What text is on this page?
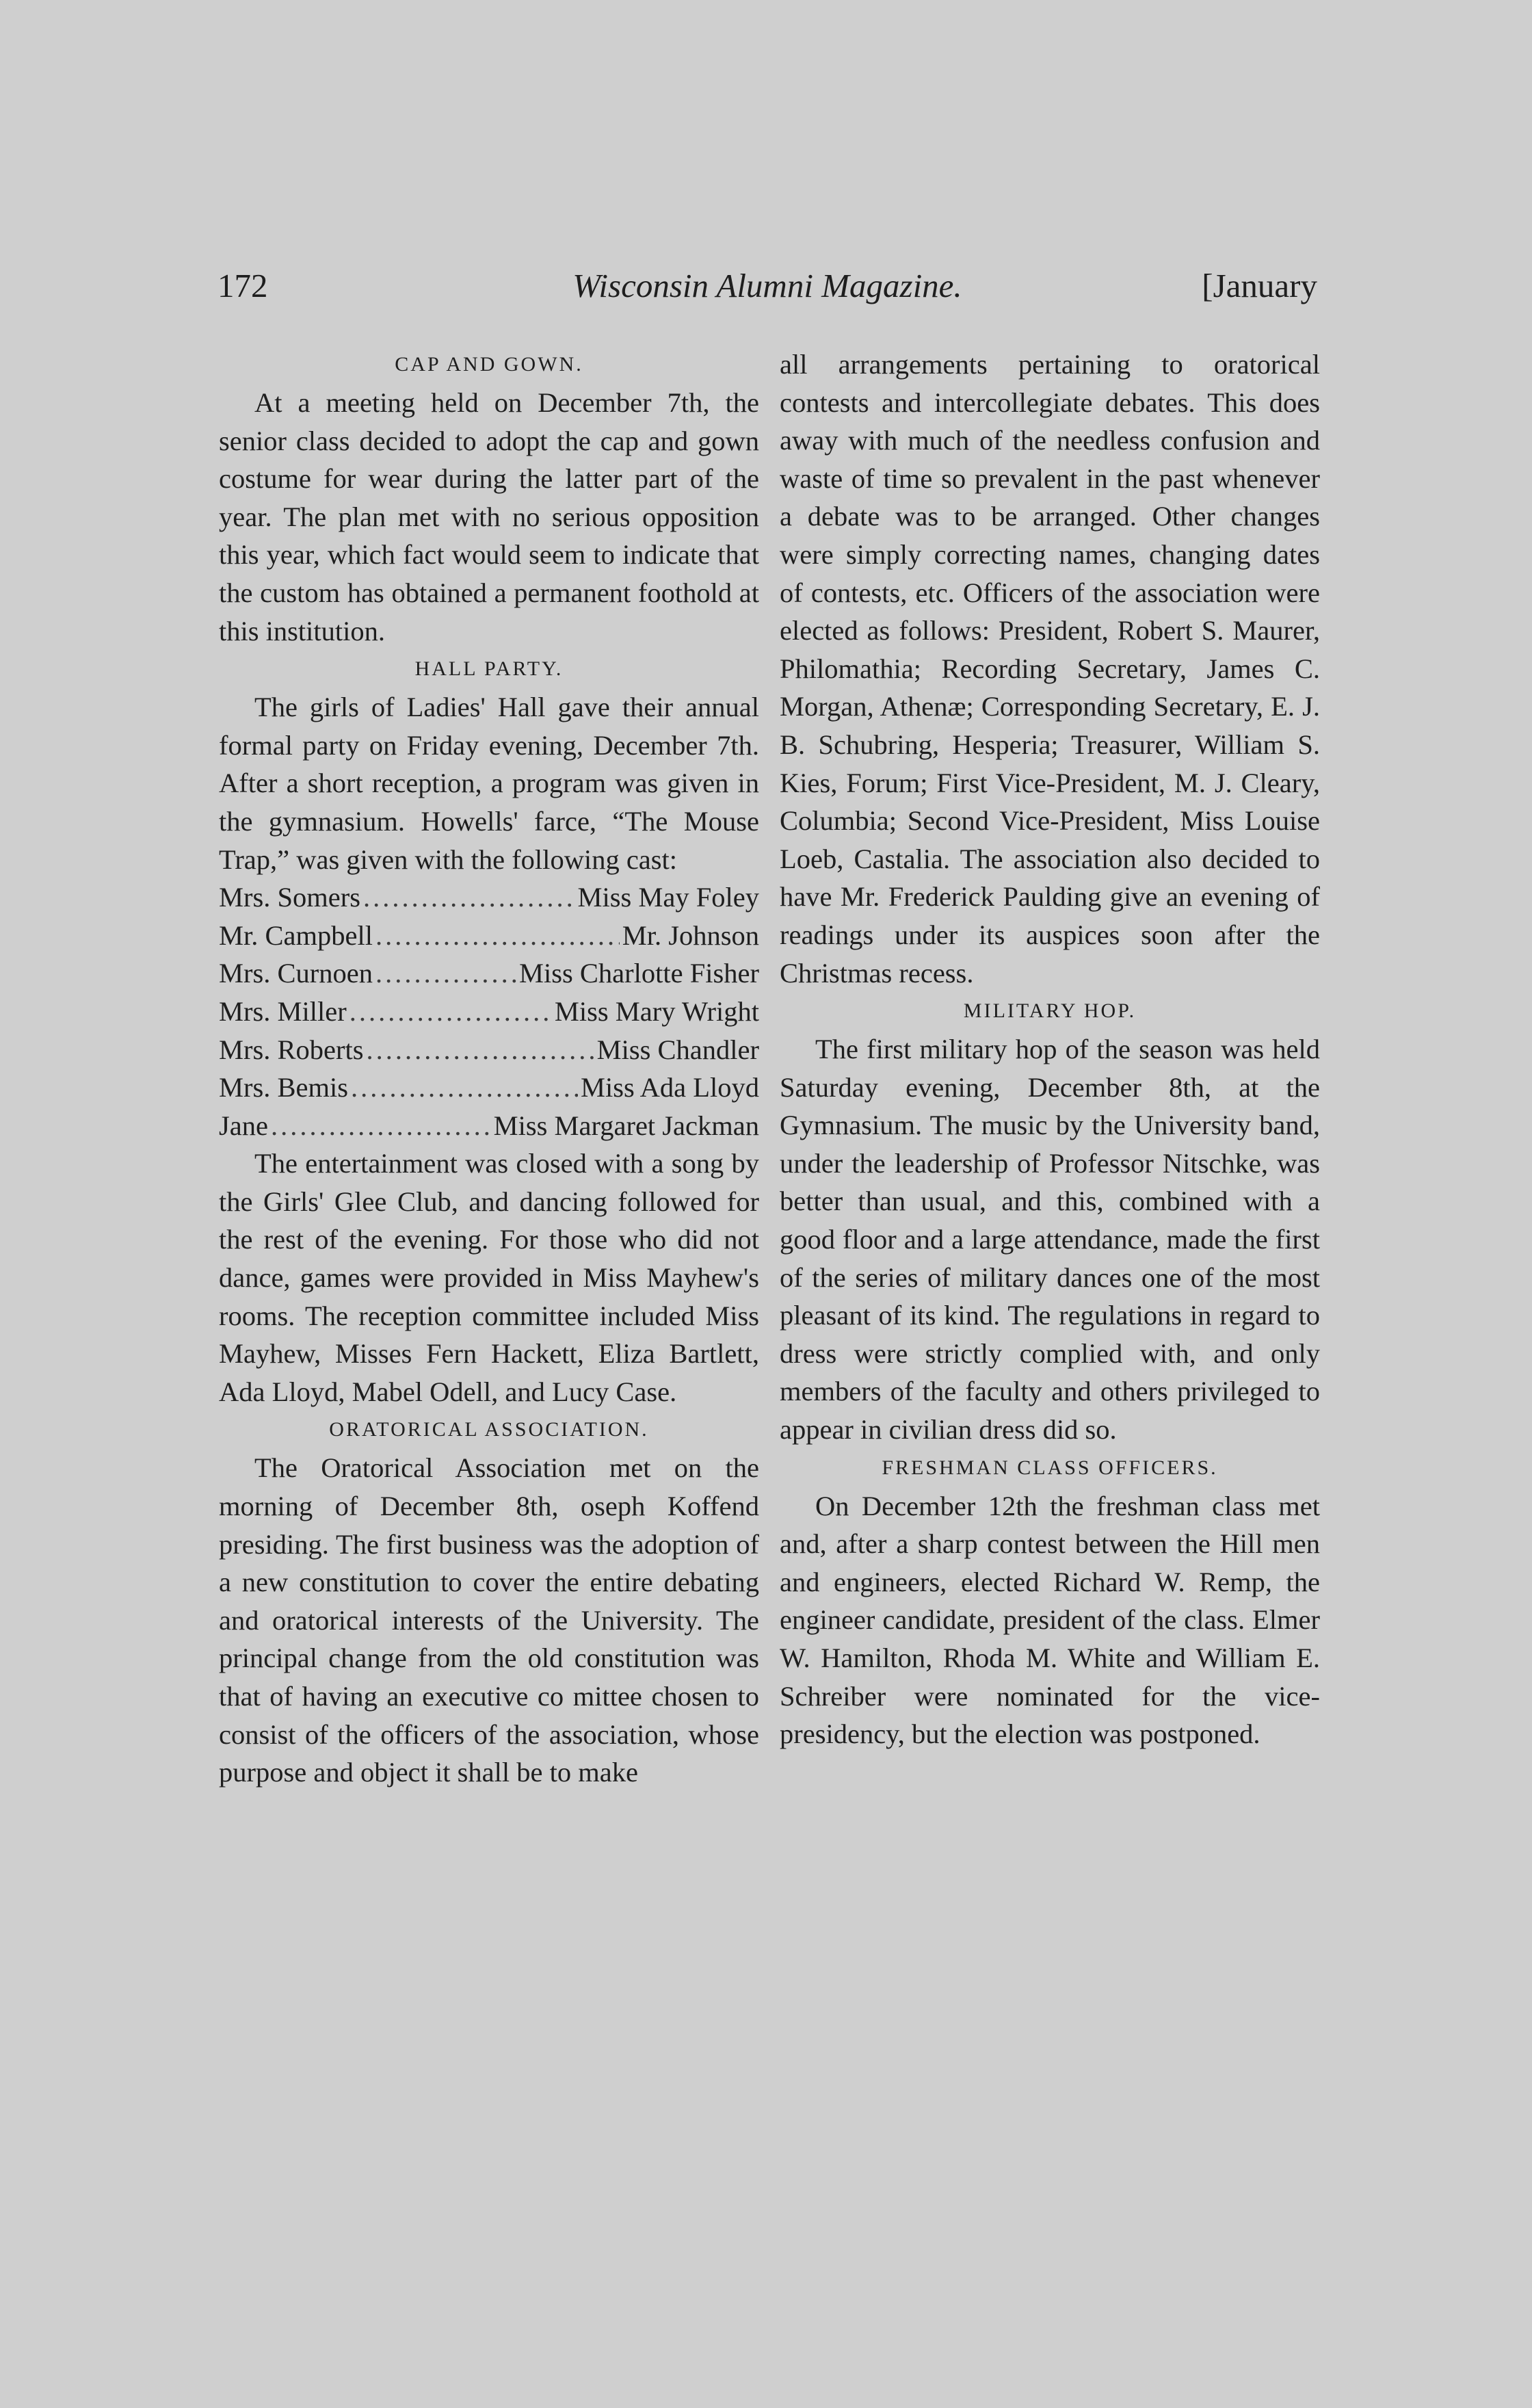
172	Wisconsin Alumni Magazine.	[January
CAP AND GOWN.
At a meeting held on December 7th, the senior class decided to adopt the cap and gown costume for wear during the latter part of the year. The plan met with no serious opposition this year, which fact would seem to indicate that the custom has obtained a permanent foothold at this institution.
HALL PARTY.
The girls of Ladies' Hall gave their annual formal party on Friday evening, December 7th. After a short reception, a program was given in the gymnasium. Howells' farce, “The Mouse Trap,” was given with the following cast:
Mrs. Somers .....	Miss May Foley
Mr. Campbell .....	Mr. Johnson
Mrs. Curnoen .....	Miss Charlotte Fisher
Mrs. Miller .....	Miss Mary Wright
Mrs. Roberts .....	Miss Chandler
Mrs. Bemis .....	Miss Ada Lloyd
Jane .....	Miss Margaret Jackman
The entertainment was closed with a song by the Girls' Glee Club, and dancing followed for the rest of the evening. For those who did not dance, games were provided in Miss Mayhew's rooms. The reception committee included Miss Mayhew, Misses Fern Hackett, Eliza Bartlett, Ada Lloyd, Mabel Odell, and Lucy Case.
ORATORICAL ASSOCIATION.
The Oratorical Association met on the morning of December 8th, oseph Koffend presiding. The first business was the adoption of a new constitution to cover the entire debating and oratorical interests of the University. The principal change from the old constitution was that of having an executive co mittee chosen to consist of the officers of the association, whose purpose and object it shall be to make
all arrangements pertaining to oratorical contests and intercollegiate debates. This does away with much of the needless confusion and waste of time so prevalent in the past whenever a debate was to be arranged. Other changes were simply correcting names, changing dates of contests, etc. Officers of the association were elected as follows: President, Robert S. Maurer, Philomathia; Recording Secretary, James C. Morgan, Athenæ; Corresponding Secretary, E. J. B. Schubring, Hesperia; Treasurer, William S. Kies, Forum; First Vice-President, M. J. Cleary, Columbia; Second Vice-President, Miss Louise Loeb, Castalia. The association also decided to have Mr. Frederick Paulding give an evening of readings under its auspices soon after the Christmas recess.
MILITARY HOP.
The first military hop of the season was held Saturday evening, December 8th, at the Gymnasium. The music by the University band, under the leadership of Professor Nitschke, was better than usual, and this, combined with a good floor and a large attendance, made the first of the series of military dances one of the most pleasant of its kind. The regulations in regard to dress were strictly complied with, and only members of the faculty and others privileged to appear in civilian dress did so.
FRESHMAN CLASS OFFICERS.
On December 12th the freshman class met and, after a sharp contest between the Hill men and engineers, elected Richard W. Remp, the engineer candidate, president of the class. Elmer W. Hamilton, Rhoda M. White and William E. Schreiber were nominated for the vice-presidency, but the election was postponed.
